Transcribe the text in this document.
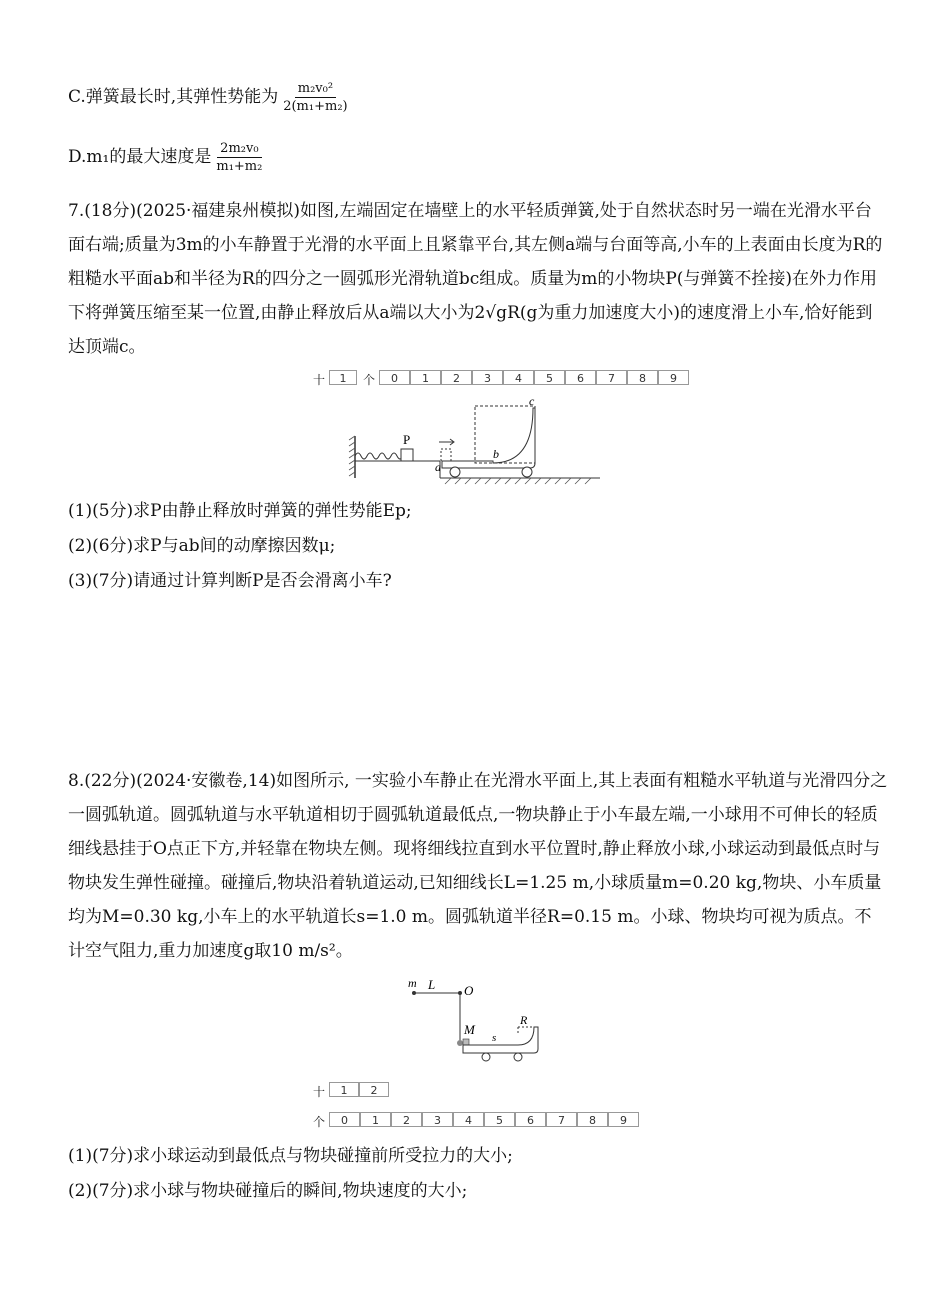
C.弹簧最长时,其弹性势能为 $\frac{\text{m₂v₀²}}{\text{2(m₁+m₂)}}$
D.m₁的最大速度是 $\frac{\text{2m₂v₀}}{\text{m₁+m₂}}$
7.(18分)(2025·福建泉州模拟)如图,左端固定在墙壁上的水平轻质弹簧,处于自然状态时另一端在光滑水平台面右端;质量为3m的小车静置于光滑的水平面上且紧靠平台,其左侧a端与台面等高,小车的上表面由长度为R的粗糙水平面ab和半径为R的四分之一圆弧形光滑轨道bc组成。质量为m的小物块P(与弹簧不拴接)在外力作用下将弹簧压缩至某一位置,由静止释放后从a端以大小为2√gR(g为重力加速度大小)的速度滑上小车,恰好能到达顶端c。
十	1	个	0	1	2	3	4	5	6	7	8	9
P
a
c
b
(1)(5分)求P由静止释放时弹簧的弹性势能Ep;
(2)(6分)求P与ab间的动摩擦因数μ;
(3)(7分)请通过计算判断P是否会滑离小车?
8.(22分)(2024·安徽卷,14)如图所示, 一实验小车静止在光滑水平面上,其上表面有粗糙水平轨道与光滑四分之一圆弧轨道。圆弧轨道与水平轨道相切于圆弧轨道最低点,一物块静止于小车最左端,一小球用不可伸长的轻质细线悬挂于O点正下方,并轻靠在物块左侧。现将细线拉直到水平位置时,静止释放小球,小球运动到最低点时与物块发生弹性碰撞。碰撞后,物块沿着轨道运动,已知细线长L=1.25 m,小球质量m=0.20 kg,物块、小车质量均为M=0.30 kg,小车上的水平轨道长s=1.0 m。圆弧轨道半径R=0.15 m。小球、物块均可视为质点。不计空气阻力,重力加速度g取10 m/s²。
m L O
M
s
R
十	1	2
个	0	1	2	3	4	5	6	7	8	9
(1)(7分)求小球运动到最低点与物块碰撞前所受拉力的大小;
(2)(7分)求小球与物块碰撞后的瞬间,物块速度的大小;
